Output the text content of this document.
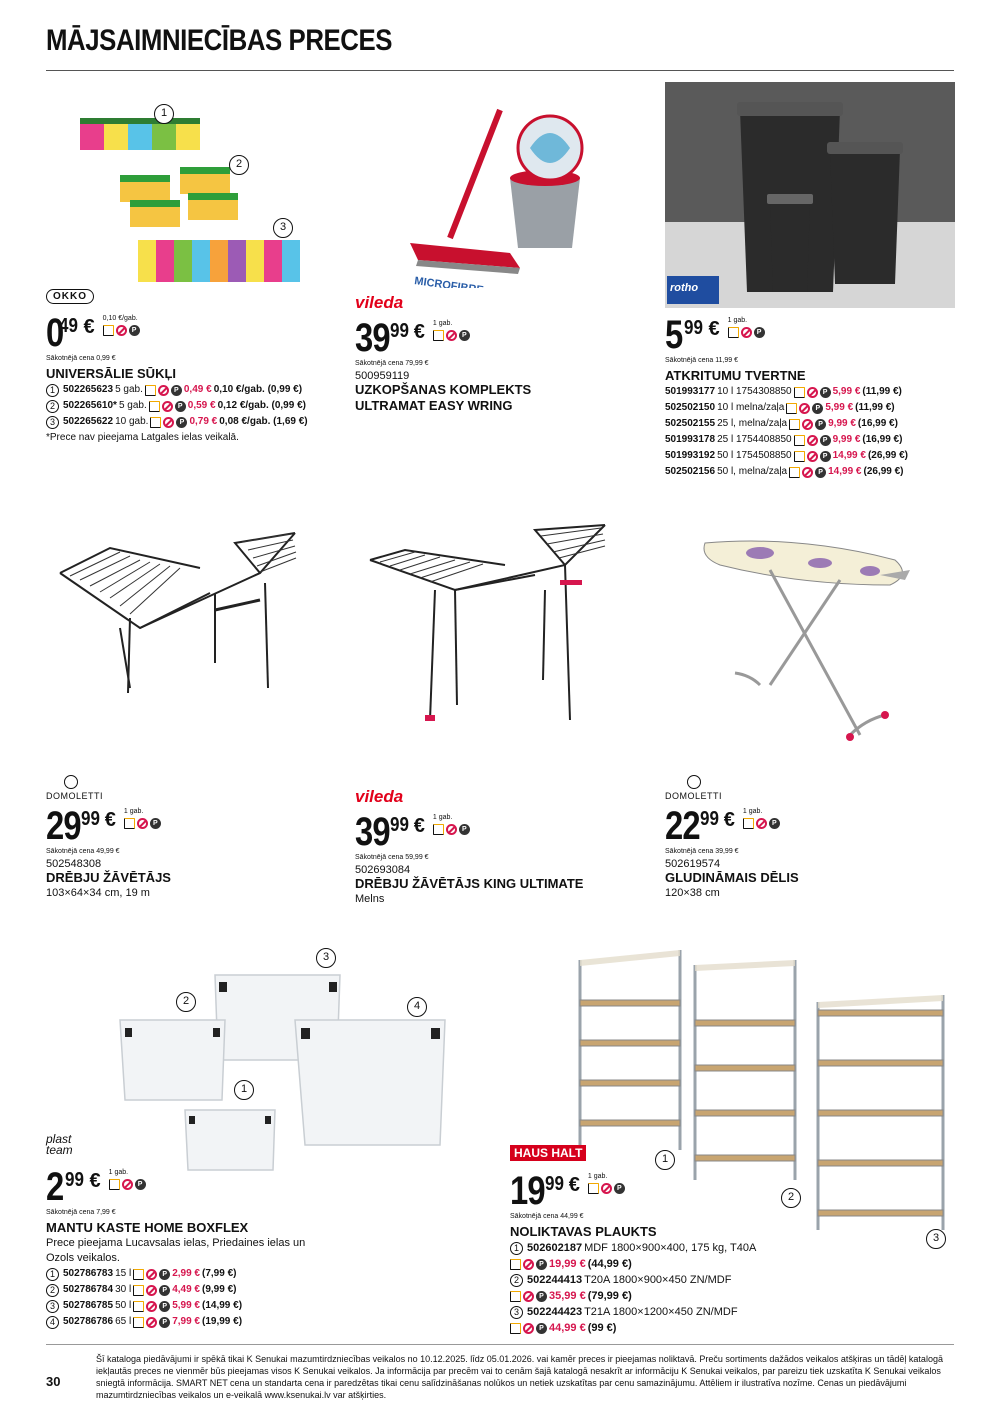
MĀJSAIMNIECĪBAS PRECES
1
2
3
OKKO
0
49 € 0,10 €/gab.
P
Sākotnējā cena 0,99 €
UNIVERSĀLIE SŪKĻI
1 502265623 5 gab.	P 0,49 € 0,10 €/gab. (0,99 €)
2 502265610* 5 gab.	P 0,59 € 0,12 €/gab. (0,99 €)
3 502265622 10 gab.	P 0,79 € 0,08 €/gab. (1,69 €)
*Prece nav pieejama Latgales ielas veikalā.
MICROFIBRE
vileda
39 99 € 1 gab.
P
Sākotnējā cena 79,99 €
500959119
UZKOPŠANAS KOMPLEKTS ULTRAMAT EASY WRING
rotho
5 99 € 1 gab.
P
Sākotnējā cena 11,99 €
ATKRITUMU TVERTNE
501993177 10 l 1754308850	P 5,99 € (11,99 €)
502502150 10 l melna/zaļa	P 5,99 € (11,99 €)
502502155 25 l, melna/zaļa	P 9,99 € (16,99 €)
501993178 25 l 1754408850	P 9,99 € (16,99 €)
501993192 50 l 1754508850	P 14,99 € (26,99 €)
502502156 50 l, melna/zaļa	P 14,99 € (26,99 €)
DOMOLETTI
29 99 € 1 gab.
P
Sākotnējā cena 49,99 €
502548308
DRĒBJU ŽĀVĒTĀJS
103×64×34 cm, 19 m
vileda
39 99 € 1 gab.
P
Sākotnējā cena 59,99 €
502693084
DRĒBJU ŽĀVĒTĀJS KING ULTIMATE
Melns
DOMOLETTI
22 99 € 1 gab.
P
Sākotnējā cena 39,99 €
502619574
GLUDINĀMAIS DĒLIS
120×38 cm
1
2
3
4
plast team
2 99 € 1 gab.
P
Sākotnējā cena 7,99 €
MANTU KASTE HOME BOXFLEX
Prece pieejama Lucavsalas ielas, Priedaines ielas un Ozols veikalos.
1 502786783 15 l	P 2,99 € (7,99 €)
2 502786784 30 l	P 4,49 € (9,99 €)
3 502786785 50 l	P 5,99 € (14,99 €)
4 502786786 65 l	P 7,99 € (19,99 €)
1
2
3
HAUS HALT
19 99 € 1 gab.
P
Sākotnējā cena 44,99 €
NOLIKTAVAS PLAUKTS
1 502602187 MDF 1800×900×400, 175 kg, T40A
P 19,99 € (44,99 €)
2 502244413 T20A 1800×900×450 ZN/MDF
P 35,99 € (79,99 €)
3 502244423 T21A 1800×1200×450 ZN/MDF
P 44,99 € (99 €)
30
Šī kataloga piedāvājumi ir spēkā tikai K Senukai mazumtirdzniecības veikalos no 10.12.2025. līdz 05.01.2026. vai kamēr preces ir pieejamas noliktavā. Preču sortiments dažādos veikalos atšķiras un tādēļ katalogā iekļautās preces ne vienmēr būs pieejamas visos K Senukai veikalos. Ja informācija par precēm vai to cenām šajā katalogā nesakrīt ar informāciju K Senukai veikalos, par pareizu tiek uzskatīta K Senukai veikalos sniegtā informācija. SMART NET cena un standarta cena ir paredzētas tikai cenu salīdzināšanas nolūkos un netiek uzskatītas par cenu samazinājumu. Attēliem ir ilustratīva nozīme. Cenas un piedāvājumi mazumtirdzniecības veikalos un e-veikalā www.ksenukai.lv var atšķirties.
